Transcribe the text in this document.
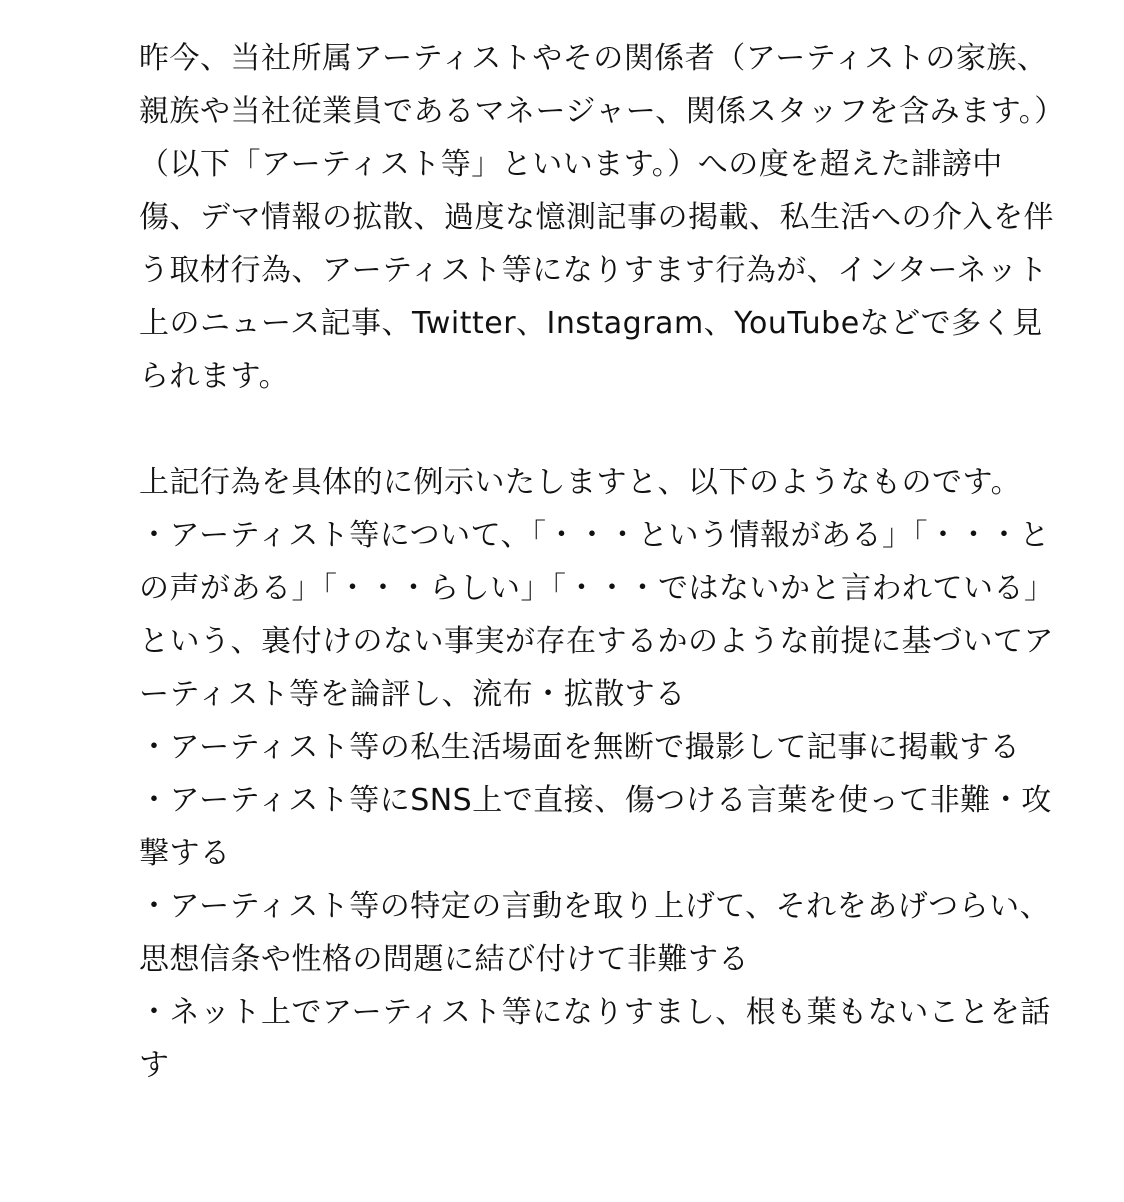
昨今、当社所属アーティストやその関係者（アーティストの家族、親族や当社従業員であるマネージャー、関係スタッフを含みます。）（以下「アーティスト等」といいます。）への度を超えた誹謗中傷、デマ情報の拡散、過度な憶測記事の掲載、私生活への介入を伴う取材行為、アーティスト等になりすます行為が、インターネット上のニュース記事、Twitter、Instagram、YouTubeなどで多く見られます。

上記行為を具体的に例示いたしますと、以下のようなものです。

・アーティスト等について、「・・・という情報がある」「・・・との声がある」「・・・らしい」「・・・ではないかと言われている」という、裏付けのない事実が存在するかのような前提に基づいてアーティスト等を論評し、流布・拡散する
・アーティスト等の私生活場面を無断で撮影して記事に掲載する
・アーティスト等にSNS上で直接、傷つける言葉を使って非難・攻撃する
・アーティスト等の特定の言動を取り上げて、それをあげつらい、思想信条や性格の問題に結び付けて非難する
・ネット上でアーティスト等になりすまし、根も葉もないことを話す
